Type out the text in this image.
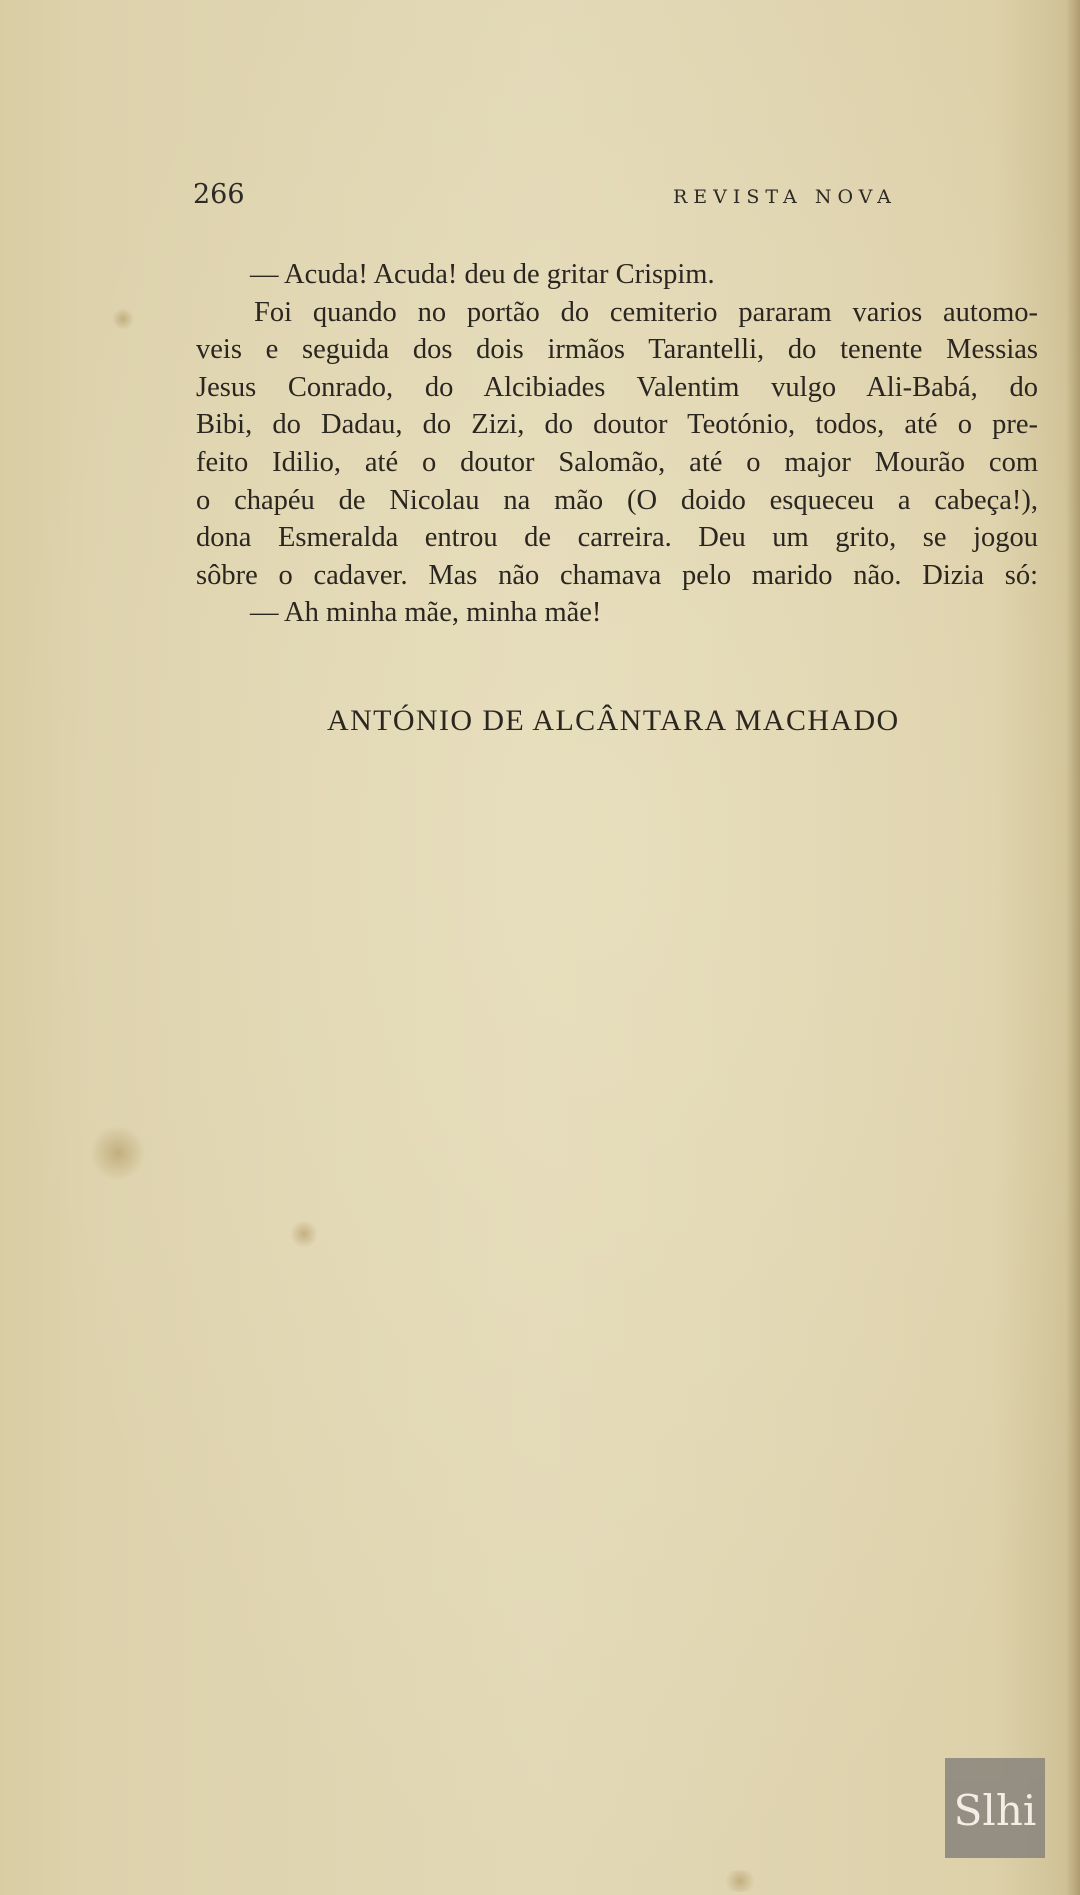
266	REVISTA NOVA
— Acuda! Acuda! deu de gritar Crispim.
Foi quando no portão do cemiterio pararam varios automo-
veis e seguida dos dois irmãos Tarantelli, do tenente Messias
Jesus Conrado, do Alcibiades Valentim vulgo Ali-Babá, do
Bibi, do Dadau, do Zizi, do doutor Teotónio, todos, até o pre-
feito Idilio, até o doutor Salomão, até o major Mourão com
o chapéu de Nicolau na mão (O doido esqueceu a cabeça!),
dona Esmeralda entrou de carreira. Deu um grito, se jogou
sôbre o cadaver. Mas não chamava pelo marido não. Dizia só:
— Ah minha mãe, minha mãe!
ANTÓNIO DE ALCÂNTARA MACHADO
Slhi
